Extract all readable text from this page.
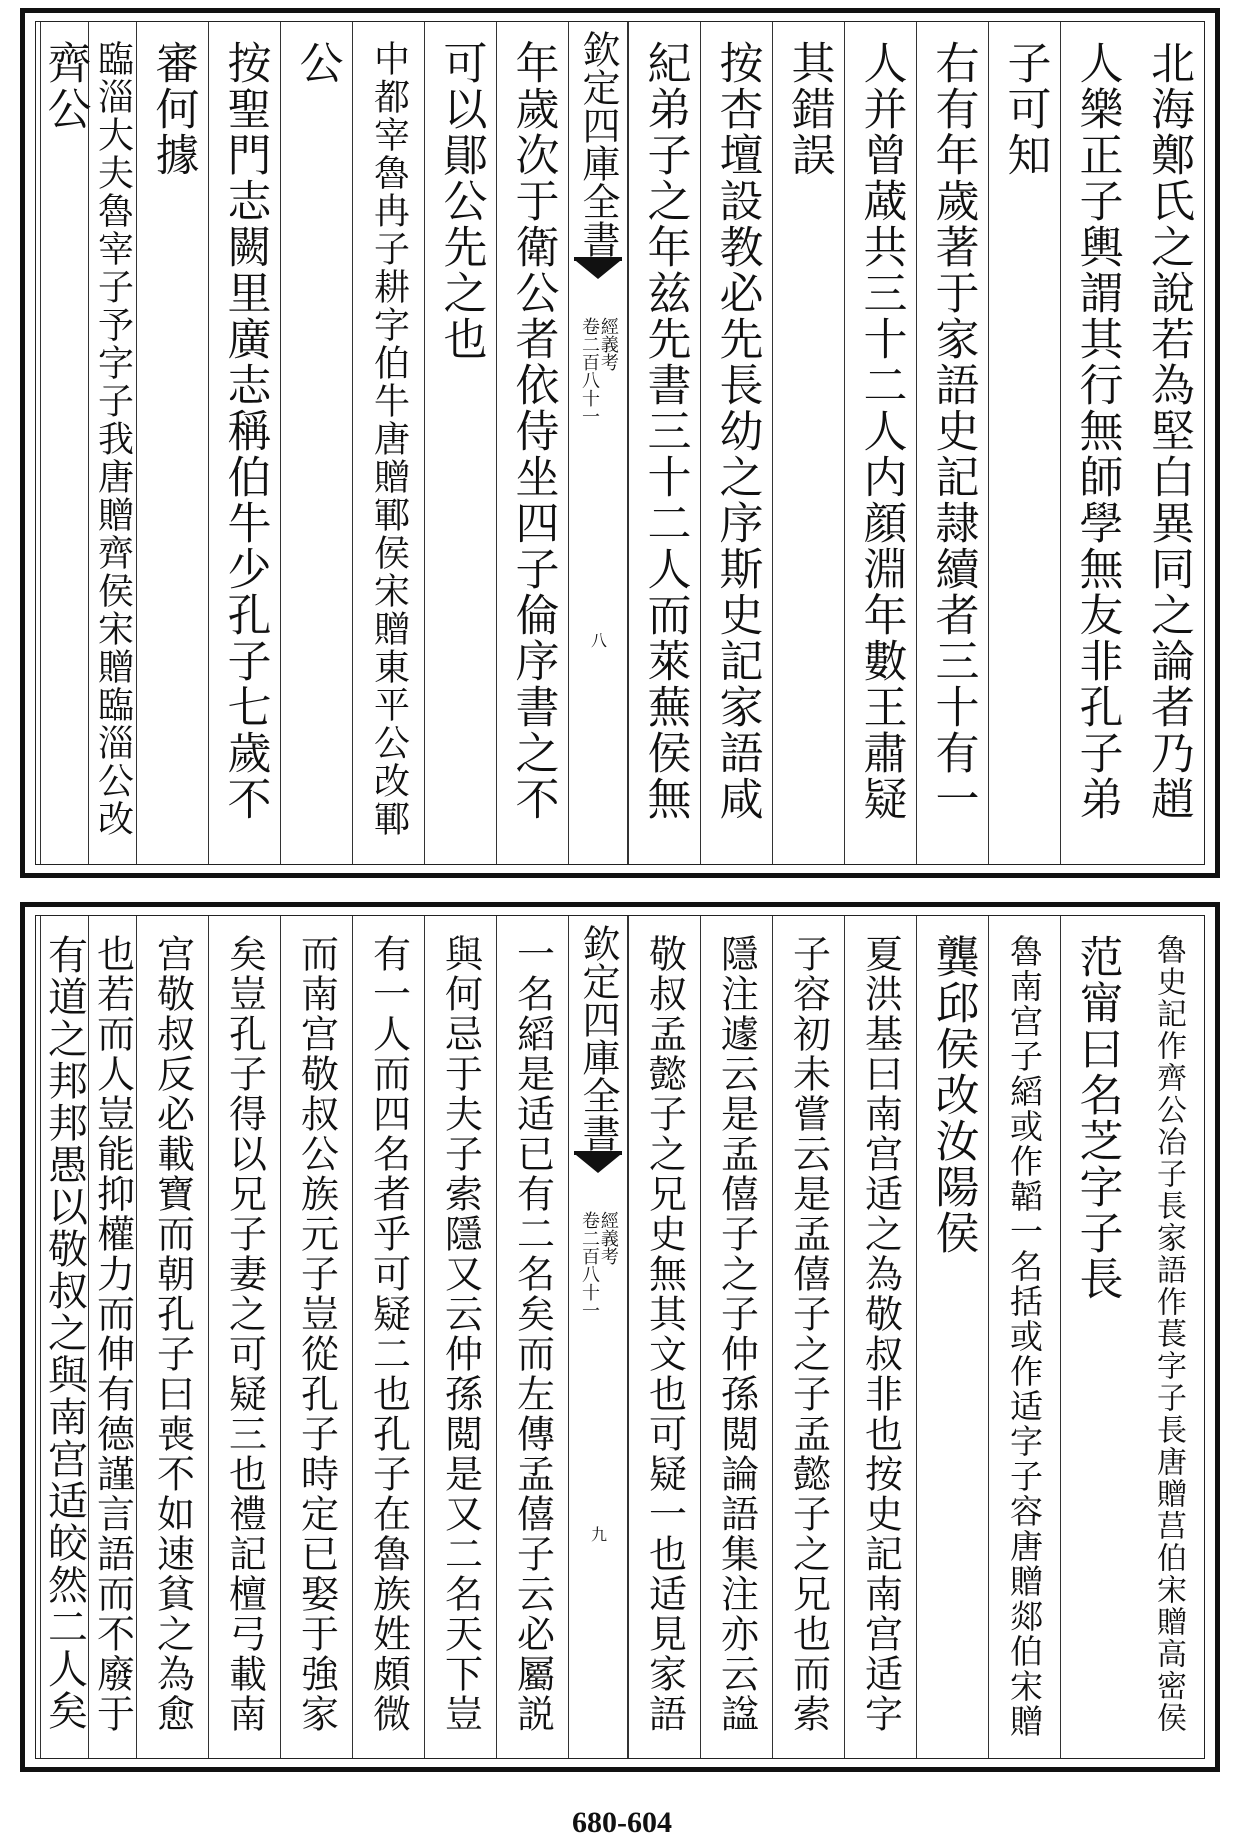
北海鄭氏之說若為堅白異同之論者乃趙
人樂正子輿謂其行無師學無友非孔子弟
子可知
右有年歲著于家語史記隷續者三十有一
人并曾蒧共三十二人内顔淵年數王肅疑
其錯誤
按杏壇設教必先長幼之序斯史記家語咸
紀弟子之年兹先書三十二人而萊蕪侯無
欽定四庫全書
經義考
卷二百八十一
八
年歲次于衛公者依侍坐四子倫序書之不
可以鄖公先之也
中都宰魯冉子耕字伯牛唐贈鄆侯宋贈東平公改鄆
公
按聖門志闕里廣志稱伯牛少孔子七歲不
審何據
臨淄大夫魯宰子予字子我唐贈齊侯宋贈臨淄公改
齊公
魯史記作齊公冶子長家語作萇字子長唐贈莒伯宋贈高密侯
范甯曰名芝字子長
魯南宫子縚或作韜一名括或作适字子容唐贈郯伯宋贈
龔邱侯改汝陽侯
夏洪基曰南宫适之為敬叔非也按史記南宫适字
子容初未嘗云是孟僖子之子孟懿子之兄也而索
隱注遽云是孟僖子之子仲孫閲論語集注亦云諡
敬叔孟懿子之兄史無其文也可疑一也适見家語
欽定四庫全書
經義考
卷二百八十一
九
一名縚是适已有二名矣而左傳孟僖子云必屬説
與何忌于夫子索隱又云仲孫閲是又二名天下豈
有一人而四名者乎可疑二也孔子在魯族姓頗微
而南宫敬叔公族元子豈從孔子時定已娶于強家
矣豈孔子得以兄子妻之可疑三也禮記檀弓載南
宫敬叔反必載寶而朝孔子曰喪不如速貧之為愈
也若而人豈能抑權力而伸有德謹言語而不廢于
有道之邦邦愚以敬叔之與南宫适皎然二人矣
680-604
